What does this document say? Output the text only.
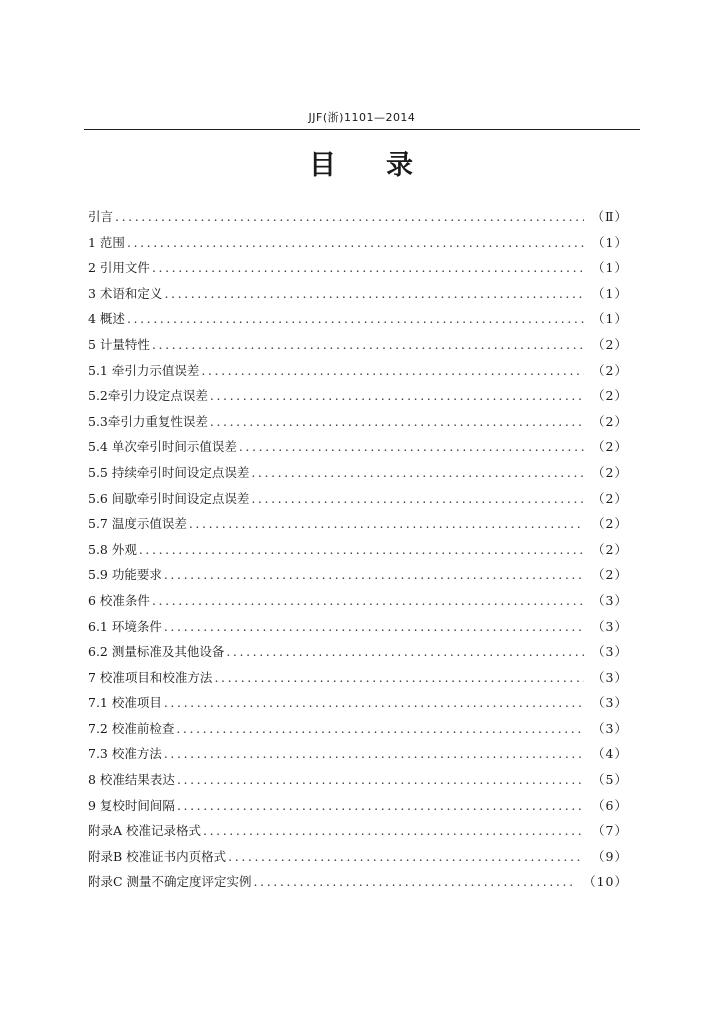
JJF(浙)1101—2014
目 录
引言 .....	（Ⅱ）
1 范围 .....	（1）
2 引用文件 .....	（1）
3 术语和定义 .....	（1）
4 概述 .....	（1）
5 计量特性 .....	（2）
5.1 牵引力示值误差 .....	（2）
5.2牵引力设定点误差 .....	（2）
5.3牵引力重复性误差 .....	（2）
5.4 单次牵引时间示值误差 .....	（2）
5.5 持续牵引时间设定点误差 .....	（2）
5.6 间歇牵引时间设定点误差 .....	（2）
5.7 温度示值误差 .....	（2）
5.8 外观 .....	（2）
5.9 功能要求 .....	（2）
6 校准条件 .....	（3）
6.1 环境条件 .....	（3）
6.2 测量标准及其他设备 .....	（3）
7 校准项目和校准方法 .....	（3）
7.1 校准项目 .....	（3）
7.2 校准前检查 .....	（3）
7.3 校准方法 .....	（4）
8 校准结果表达 .....	（5）
9 复校时间间隔 .....	（6）
附录A 校准记录格式 .....	（7）
附录B 校准证书内页格式 .....	（9）
附录C 测量不确定度评定实例 .....	（10）
